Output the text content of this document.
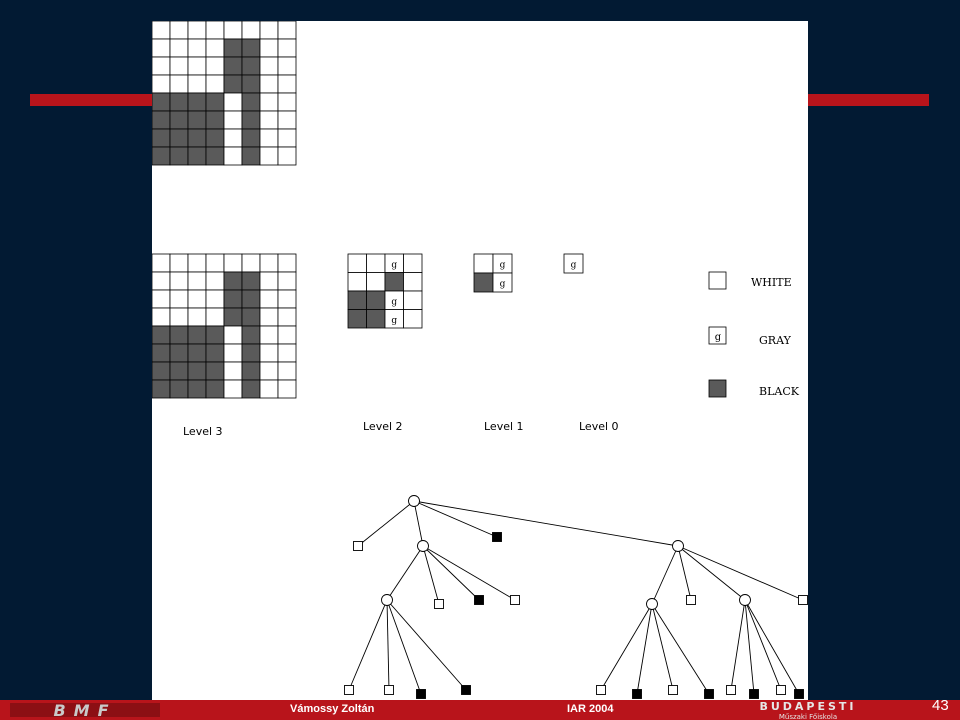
g
g
g
g
g
g
Level 3	Level 2	Level 1	Level 0
WHITE
g	GRAY
BLACK
BMF	Vámossy Zoltán	IAR 2004	BUDAPESTI
Műszaki Főiskola
43
